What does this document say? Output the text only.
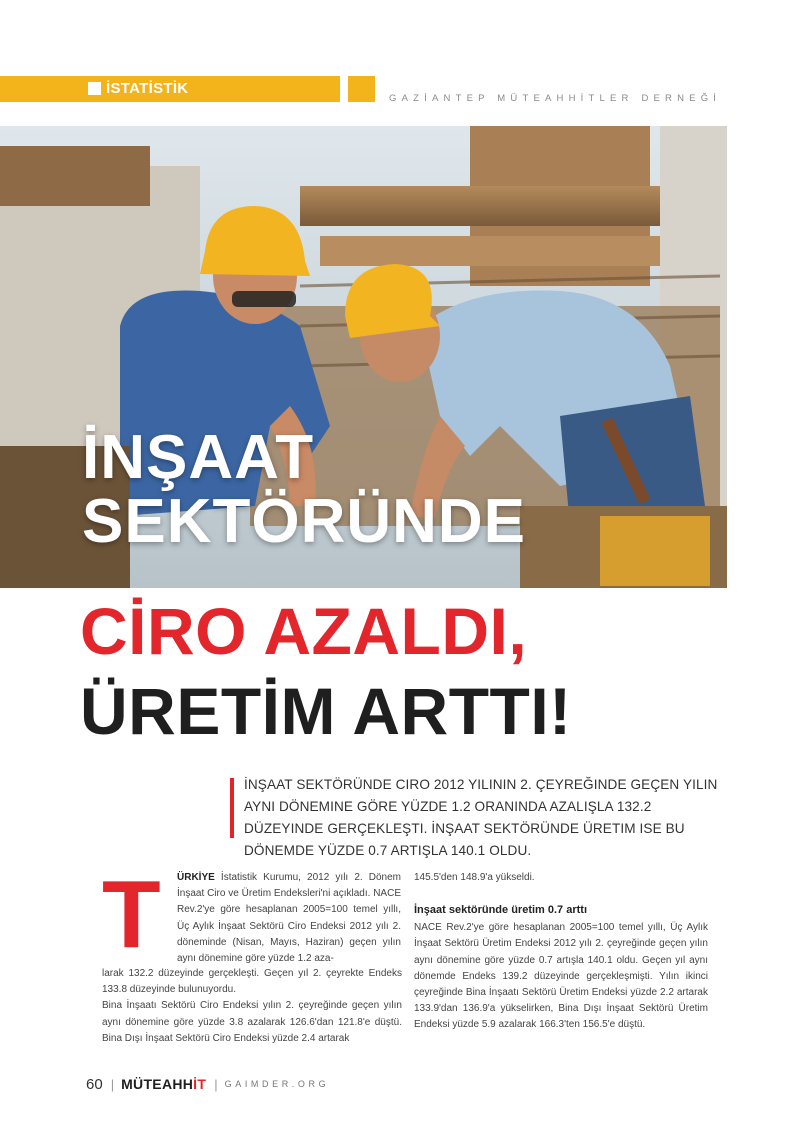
İSTATİSTİK
GAZİANTEP MÜTEAHHİTLER DERNEĞİ
İNŞAAT
SEKTÖRÜNDE
CİRO AZALDI,
ÜRETİM ARTTI!

İNŞAAT SEKTÖRÜNDE CIRO 2012 YILININ 2. ÇEYREĞINDE GEÇEN YILIN AYNI DÖNEMINE GÖRE YÜZDE 1.2 ORANINDA AZALIŞLA 132.2 DÜZEYINDE GERÇEKLEŞTI. İNŞAAT SEKTÖRÜNDE ÜRETIM ISE BU DÖNEMDE YÜZDE 0.7 ARTIŞLA 140.1 OLDU.

T ÜRKİYE İstatistik Kurumu, 2012 yılı 2. Dönem İnşaat Ciro ve Üretim Endeksleri'ni açıkladı. NACE Rev.2'ye göre hesaplanan 2005=100 temel yıllı, Üç Aylık İnşaat Sektörü Ciro Endeksi 2012 yılı 2. döneminde (Nisan, Mayıs, Haziran) geçen yılın aynı dönemine göre yüzde 1.2 aza-

larak 132.2 düzeyinde gerçekleşti. Geçen yıl 2. çeyrekte Endeks 133.8 düzeyinde bulunuyordu.

Bina İnşaatı Sektörü Ciro Endeksi yılın 2. çeyreğinde geçen yılın aynı dönemine göre yüzde 3.8 azalarak 126.6'dan 121.8'e düştü. Bina Dışı İnşaat Sektörü Ciro Endeksi yüzde 2.4 artarak

145.5'den 148.9'a yükseldi.

İnşaat sektöründe üretim 0.7 arttı

NACE Rev.2'ye göre hesaplanan 2005=100 temel yıllı, Üç Aylık İnşaat Sektörü Üretim Endeksi 2012 yılı 2. çeyreğinde geçen yılın aynı dönemine göre yüzde 0.7 artışla 140.1 oldu. Geçen yıl aynı dönemde Endeks 139.2 düzeyinde gerçekleşmişti. Yılın ikinci çeyreğinde Bina İnşaatı Sektörü Üretim Endeksi yüzde 2.2 artarak 133.9'dan 136.9'a yükselirken, Bina Dışı İnşaat Sektörü Üretim Endeksi yüzde 5.9 azalarak 166.3'ten 156.5'e düştü.

60 | MÜTEAHHİT | GAIMDER.ORG
